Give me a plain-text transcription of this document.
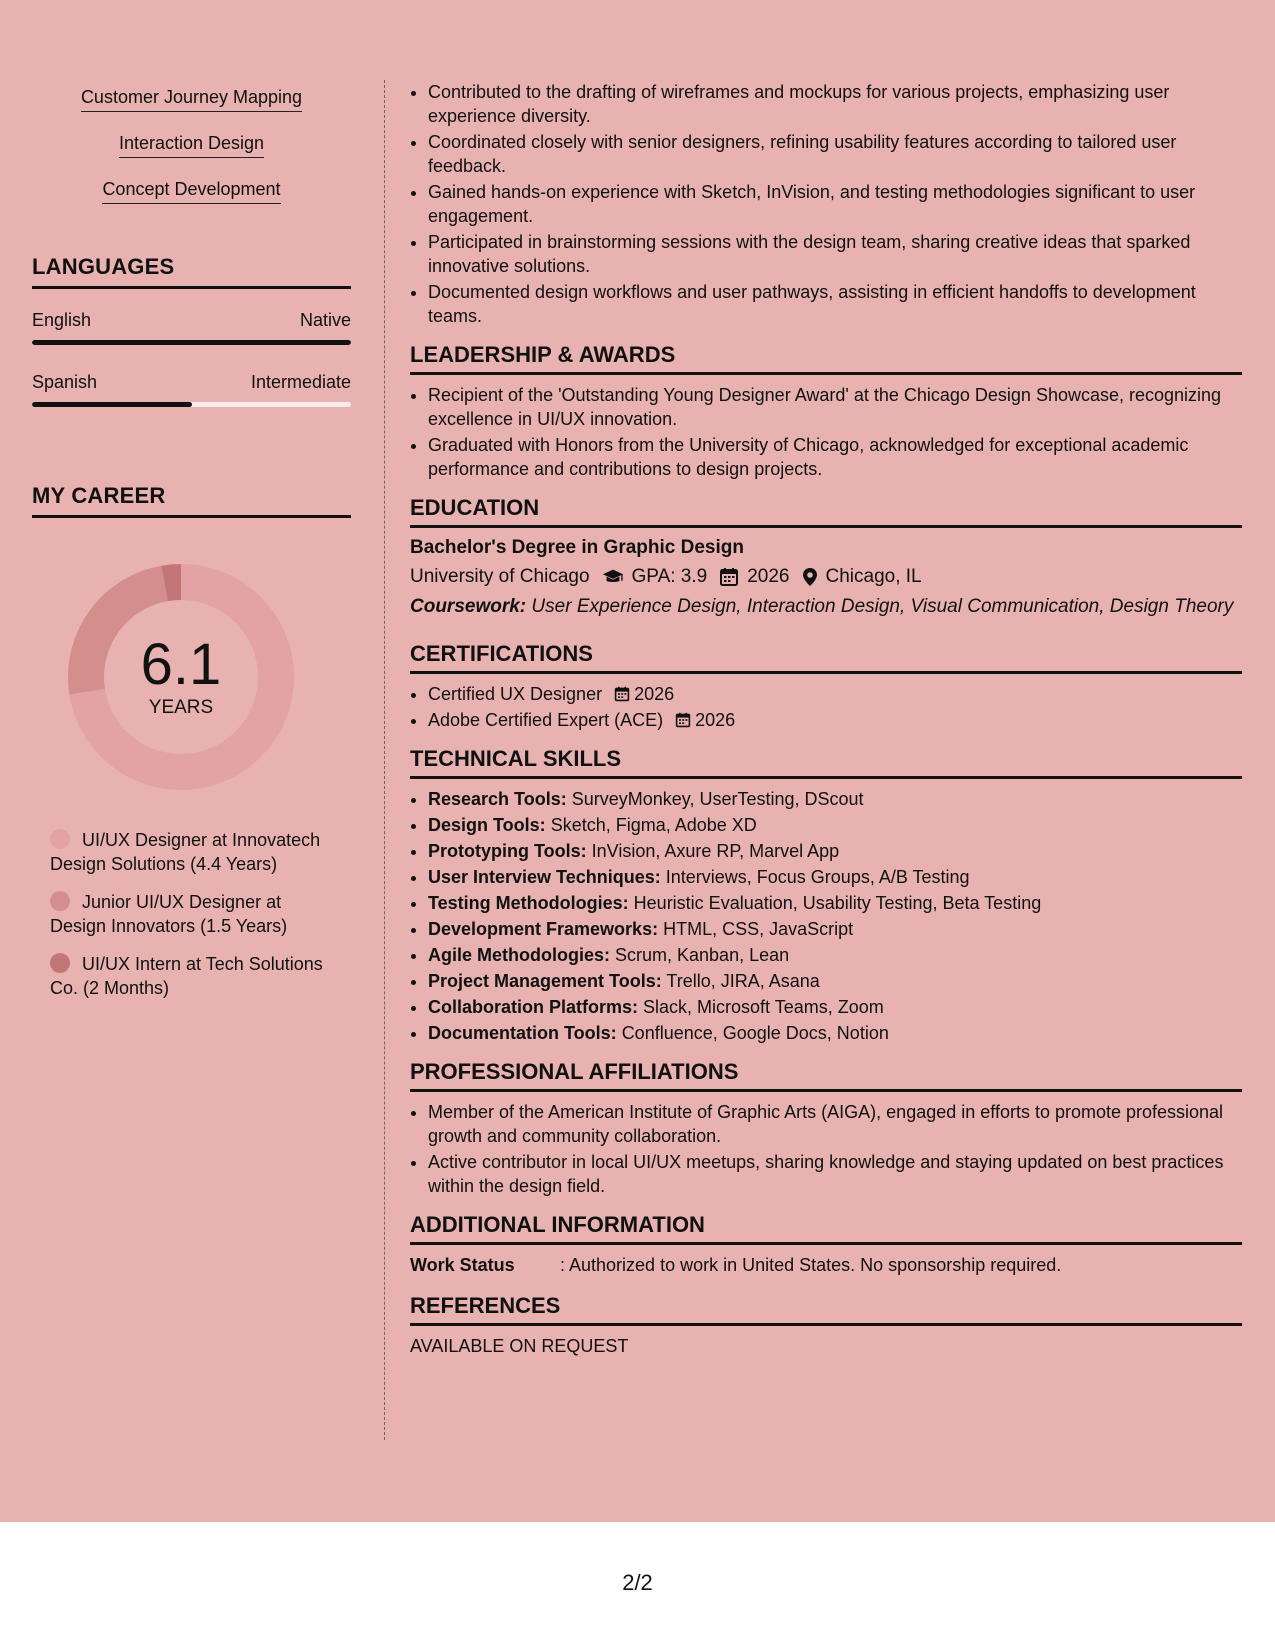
Customer Journey Mapping
Interaction Design
Concept Development
LANGUAGES
English	Native
Spanish	Intermediate
MY CAREER
6.1
YEARS
UI/UX Designer at Innovatech Design Solutions (4.4 Years)
Junior UI/UX Designer at Design Innovators (1.5 Years)
UI/UX Intern at Tech Solutions Co. (2 Months)
• Contributed to the drafting of wireframes and mockups for various projects, emphasizing user experience diversity.
• Coordinated closely with senior designers, refining usability features according to tailored user feedback.
• Gained hands-on experience with Sketch, InVision, and testing methodologies significant to user engagement.
• Participated in brainstorming sessions with the design team, sharing creative ideas that sparked innovative solutions.
• Documented design workflows and user pathways, assisting in efficient handoffs to development teams.
LEADERSHIP & AWARDS
• Recipient of the 'Outstanding Young Designer Award' at the Chicago Design Showcase, recognizing excellence in UI/UX innovation.
• Graduated with Honors from the University of Chicago, acknowledged for exceptional academic performance and contributions to design projects.
EDUCATION
Bachelor's Degree in Graphic Design
University of Chicago GPA: 3.9 2026 Chicago, IL
Coursework: User Experience Design, Interaction Design, Visual Communication, Design Theory
CERTIFICATIONS
• Certified UX Designer 2026
• Adobe Certified Expert (ACE) 2026
TECHNICAL SKILLS
• Research Tools: SurveyMonkey, UserTesting, DScout
• Design Tools: Sketch, Figma, Adobe XD
• Prototyping Tools: InVision, Axure RP, Marvel App
• User Interview Techniques: Interviews, Focus Groups, A/B Testing
• Testing Methodologies: Heuristic Evaluation, Usability Testing, Beta Testing
• Development Frameworks: HTML, CSS, JavaScript
• Agile Methodologies: Scrum, Kanban, Lean
• Project Management Tools: Trello, JIRA, Asana
• Collaboration Platforms: Slack, Microsoft Teams, Zoom
• Documentation Tools: Confluence, Google Docs, Notion
PROFESSIONAL AFFILIATIONS
• Member of the American Institute of Graphic Arts (AIGA), engaged in efforts to promote professional growth and community collaboration.
• Active contributor in local UI/UX meetups, sharing knowledge and staying updated on best practices within the design field.
ADDITIONAL INFORMATION
Work Status	: Authorized to work in United States. No sponsorship required.
REFERENCES
AVAILABLE ON REQUEST
2/2
